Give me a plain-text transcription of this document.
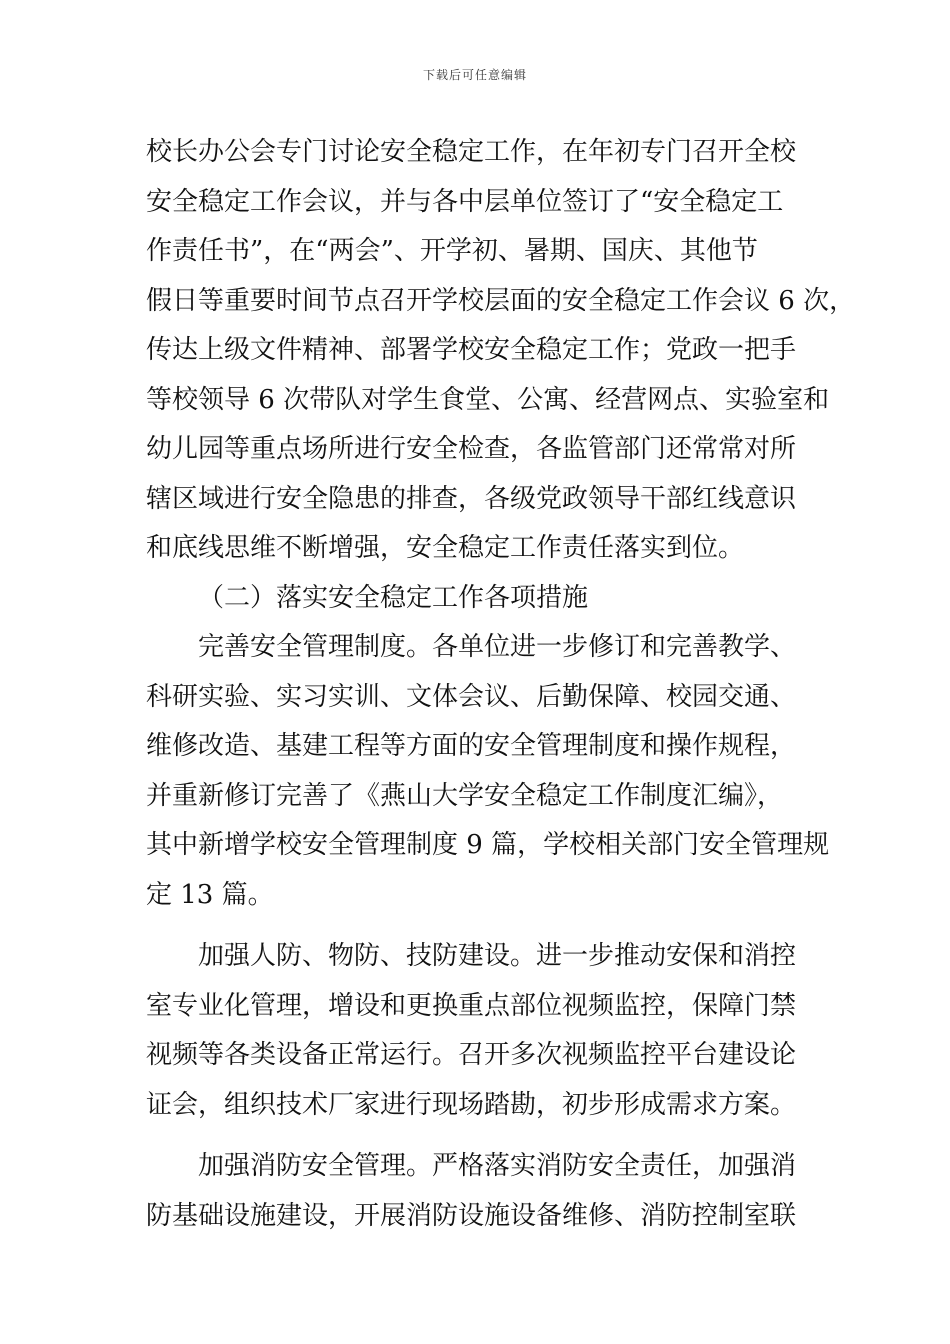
下载后可任意编辑
校长办公会专门讨论安全稳定工作，在年初专门召开全校
安全稳定工作会议，并与各中层单位签订了“安全稳定工
作责任书”，在“两会”、开学初、暑期、国庆、其他节
假日等重要时间节点召开学校层面的安全稳定工作会议 6 次，
传达上级文件精神、部署学校安全稳定工作；党政一把手
等校领导 6 次带队对学生食堂、公寓、经营网点、实验室和
幼儿园等重点场所进行安全检查，各监管部门还常常对所
辖区域进行安全隐患的排查，各级党政领导干部红线意识
和底线思维不断增强，安全稳定工作责任落实到位。
（二）落实安全稳定工作各项措施
完善安全管理制度。各单位进一步修订和完善教学、
科研实验、实习实训、文体会议、后勤保障、校园交通、
维修改造、基建工程等方面的安全管理制度和操作规程，
并重新修订完善了《燕山大学安全稳定工作制度汇编》，
其中新增学校安全管理制度 9 篇，学校相关部门安全管理规
定 13 篇。
加强人防、物防、技防建设。进一步推动安保和消控
室专业化管理，增设和更换重点部位视频监控，保障门禁
视频等各类设备正常运行。召开多次视频监控平台建设论
证会，组织技术厂家进行现场踏勘，初步形成需求方案。
加强消防安全管理。严格落实消防安全责任，加强消
防基础设施建设，开展消防设施设备维修、消防控制室联
